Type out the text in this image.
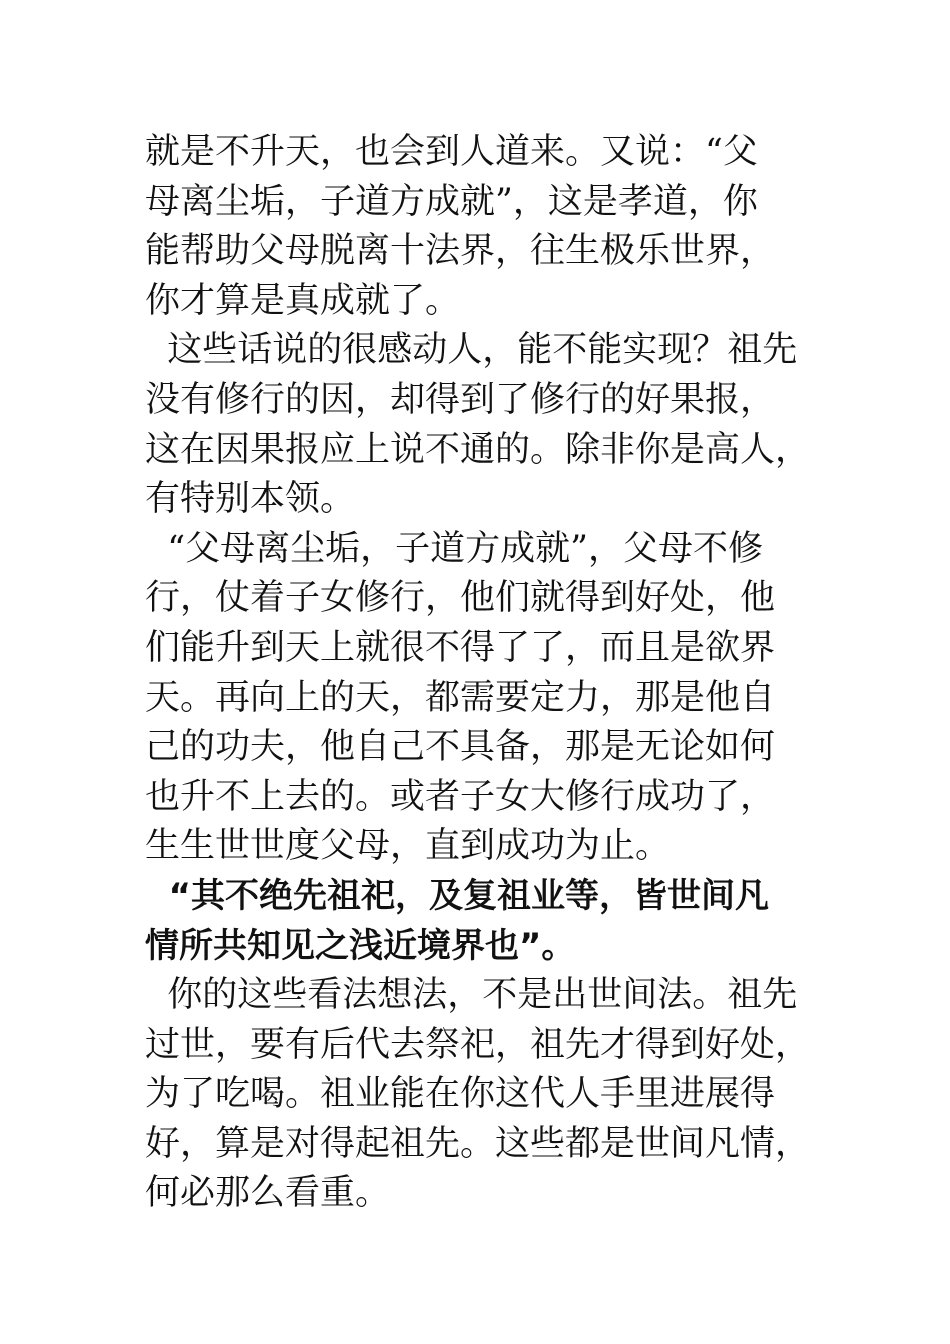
就是不升天，也会到人道来。又说：“父
母离尘垢，子道方成就”，这是孝道，你
能帮助父母脱离十法界，往生极乐世界，
你才算是真成就了。
这些话说的很感动人，能不能实现？祖先
没有修行的因，却得到了修行的好果报，
这在因果报应上说不通的。除非你是高人，
有特别本领。
“父母离尘垢，子道方成就”，父母不修
行，仗着子女修行，他们就得到好处，他
们能升到天上就很不得了了，而且是欲界
天。再向上的天，都需要定力，那是他自
己的功夫，他自己不具备，那是无论如何
也升不上去的。或者子女大修行成功了，
生生世世度父母，直到成功为止。
“其不绝先祖祀，及复祖业等，皆世间凡
情所共知见之浅近境界也”。
你的这些看法想法，不是出世间法。祖先
过世，要有后代去祭祀，祖先才得到好处，
为了吃喝。祖业能在你这代人手里进展得
好，算是对得起祖先。这些都是世间凡情，
何必那么看重。
